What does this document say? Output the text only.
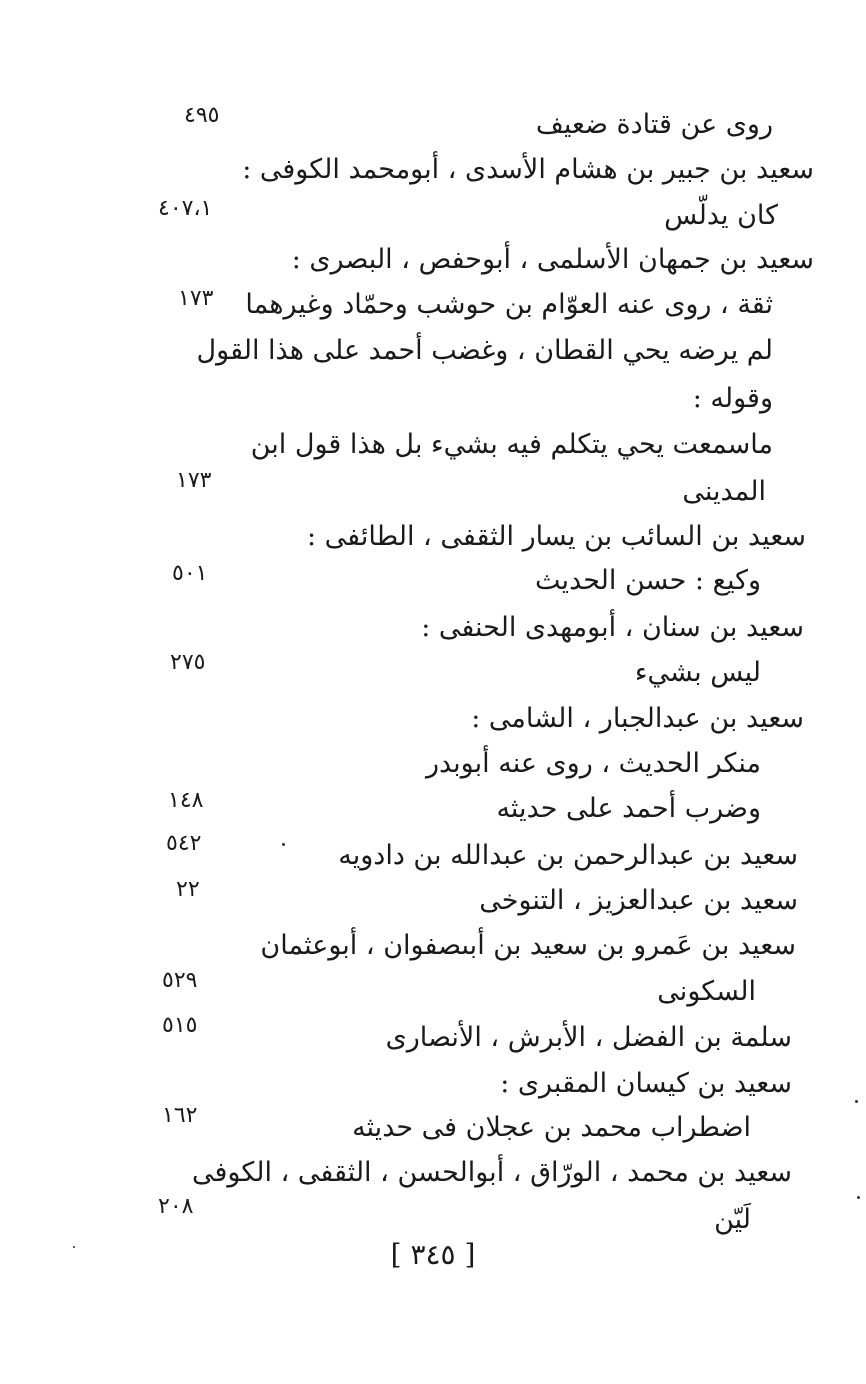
روى عن قتادة ضعيف
سعيد بن جبير بن هشام الأسدى ، أبومحمد الكوفى :
كان يدلّس
سعيد بن جمهان الأسلمى ، أبوحفص ، البصرى :
ثقة ، روى عنه العوّام بن حوشب وحمّاد وغيرهما
لم يرضه يحي القطان ، وغضب أحمد على هذا القول
وقوله :
ماسمعت يحي يتكلم فيه بشيء بل هذا قول ابن
المدينى
سعيد بن السائب بن يسار الثقفى ، الطائفى :
وكيع : حسن الحديث
سعيد بن سنان ، أبومهدى الحنفى :
ليس بشيء
سعيد بن عبدالجبار ، الشامى :
منكر الحديث ، روى عنه أبوبدر
وضرب أحمد على حديثه
سعيد بن عبدالرحمن بن عبدالله بن دادويه
سعيد بن عبدالعزيز ، التنوخى
سعيد بن عَمرو بن سعيد بن أبىصفوان ، أبوعثمان
السكونى
سلمة بن الفضل ، الأبرش ، الأنصارى
سعيد بن كيسان المقبرى :
اضطراب محمد بن عجلان فى حديثه
سعيد بن محمد ، الورّاق ، أبوالحسن ، الثقفى ، الكوفى
لَيّن
٤٩٥
٤٠٧،١
١٧٣
١٧٣
٥٠١
٢٧٥
١٤٨
٥٤٢
٢٢
٥٢٩
٥١٥
١٦٢
٢٠٨
[ ٣٤٥ ]
